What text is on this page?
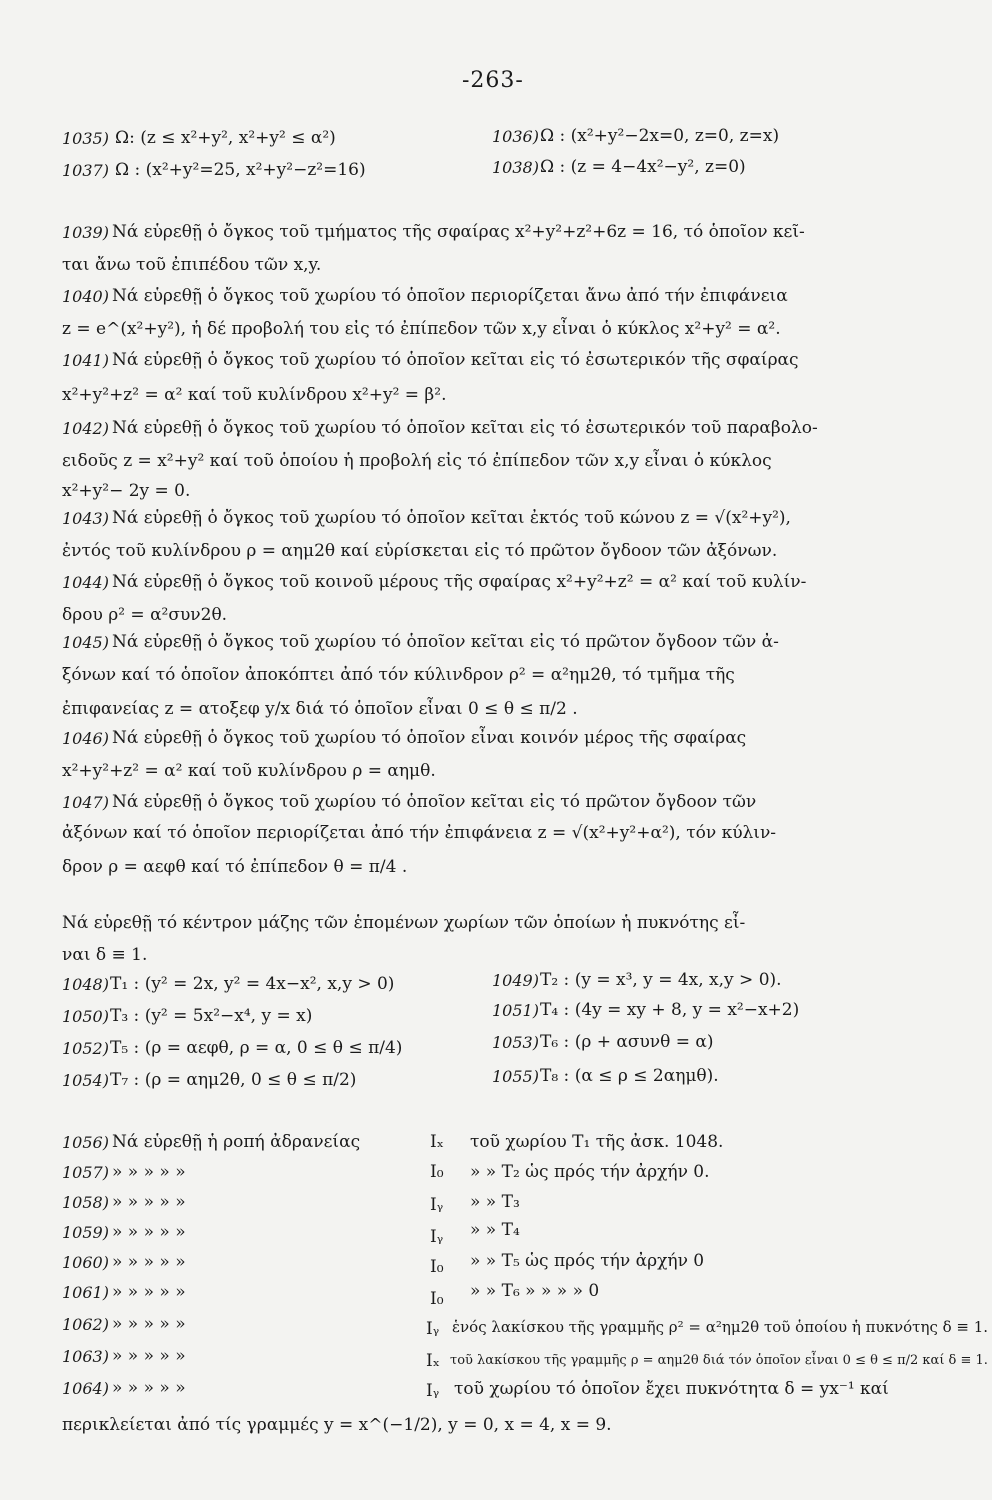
-263-
1035) Ω: (z ≤ x²+y², x²+y² ≤ α²)	1036) Ω : (x²+y²−2x=0, z=0, z=x)
1037) Ω : (x²+y²=25, x²+y²−z²=16)	1038) Ω : (z = 4−4x²−y², z=0)
1039) Νά εὑρεθῇ ὁ ὄγκος τοῦ τμήματος τῆς σφαίρας x²+y²+z²+6z = 16, τό ὁποῖον κεῖ-
ται ἄνω τοῦ ἐπιπέδου τῶν x,y.
1040) Νά εὑρεθῇ ὁ ὄγκος τοῦ χωρίου τό ὁποῖον περιορίζεται ἄνω ἀπό τήν ἐπιφάνεια
z = e^(x²+y²), ἡ δέ προβολή του εἰς τό ἐπίπεδον τῶν x,y εἶναι ὁ κύκλος x²+y² = α².
1041) Νά εὑρεθῇ ὁ ὄγκος τοῦ χωρίου τό ὁποῖον κεῖται εἰς τό ἐσωτερικόν τῆς σφαίρας
x²+y²+z² = α² καί τοῦ κυλίνδρου x²+y² = β².
1042) Νά εὑρεθῇ ὁ ὄγκος τοῦ χωρίου τό ὁποῖον κεῖται εἰς τό ἐσωτερικόν τοῦ παραβολο-
ειδοῦς z = x²+y² καί τοῦ ὁποίου ἡ προβολή εἰς τό ἐπίπεδον τῶν x,y εἶναι ὁ κύκλος
x²+y²− 2y = 0.
1043) Νά εὑρεθῇ ὁ ὄγκος τοῦ χωρίου τό ὁποῖον κεῖται ἐκτός τοῦ κώνου z = √(x²+y²),
ἐντός τοῦ κυλίνδρου ρ = αημ2θ καί εὑρίσκεται εἰς τό πρῶτον ὄγδοον τῶν ἀξόνων.
1044) Νά εὑρεθῇ ὁ ὄγκος τοῦ κοινοῦ μέρους τῆς σφαίρας x²+y²+z² = α² καί τοῦ κυλίν-
δρου ρ² = α²συν2θ.
1045) Νά εὑρεθῇ ὁ ὄγκος τοῦ χωρίου τό ὁποῖον κεῖται εἰς τό πρῶτον ὄγδοον τῶν ἀ-
ξόνων καί τό ὁποῖον ἀποκόπτει ἀπό τόν κύλινδρον ρ² = α²ημ2θ, τό τμῆμα τῆς
ἐπιφανείας z = ατοξεφ y/x διά τό ὁποῖον εἶναι 0 ≤ θ ≤ π/2 .
1046) Νά εὑρεθῇ ὁ ὄγκος τοῦ χωρίου τό ὁποῖον εἶναι κοινόν μέρος τῆς σφαίρας
x²+y²+z² = α² καί τοῦ κυλίνδρου ρ = αημθ.
1047) Νά εὑρεθῇ ὁ ὄγκος τοῦ χωρίου τό ὁποῖον κεῖται εἰς τό πρῶτον ὄγδοον τῶν
ἀξόνων καί τό ὁποῖον περιορίζεται ἀπό τήν ἐπιφάνεια z = √(x²+y²+α²), τόν κύλιν-
δρον ρ = αεφθ καί τό ἐπίπεδον θ = π/4 .
Νά εὑρεθῇ τό κέντρον μάζης τῶν ἑπομένων χωρίων τῶν ὁποίων ἡ πυκνότης εἶ-
ναι δ ≡ 1.
1048) T₁ : (y² = 2x, y² = 4x−x², x,y > 0)	1049) T₂ : (y = x³, y = 4x, x,y > 0).
1050) T₃ : (y² = 5x²−x⁴, y = x)	1051) T₄ : (4y = xy + 8, y = x²−x+2)
1052) T₅ : (ρ = αεφθ, ρ = α, 0 ≤ θ ≤ π/4)	1053) T₆ : (ρ + ασυνθ = α)
1054) T₇ : (ρ = αημ2θ, 0 ≤ θ ≤ π/2)	1055) T₈ : (α ≤ ρ ≤ 2αημθ).
1056) Νά εὑρεθῇ ἡ ροπή ἀδρανείας	Iₓ τοῦ χωρίου T₁ τῆς ἀσκ. 1048.
1057) » » » » »	I₀ » » T₂ ὡς πρός τήν ἀρχήν 0.
1058) » » » » »	Iᵧ » » T₃
1059) » » » » »	Iᵧ » » T₄
1060) » » » » »	I₀ » » T₅ ὡς πρός τήν ἀρχήν 0
1061) » » » » »	I₀ » » T₆ » » » » 0
1062) » » » » »	Iᵧ ἑνός λακίσκου τῆς γραμμῆς ρ² = α²ημ2θ τοῦ ὁποίου ἡ πυκνότης δ ≡ 1.
1063) » » » » »	Iₓ τοῦ λακίσκου τῆς γραμμῆς ρ = αημ2θ διά τόν ὁποῖον εἶναι 0 ≤ θ ≤ π/2 καί δ ≡ 1.
1064) » » » » »	Iᵧ τοῦ χωρίου τό ὁποῖον ἔχει πυκνότητα δ = yx⁻¹ καί
περικλείεται ἀπό τίς γραμμές y = x^(−1/2), y = 0, x = 4, x = 9.
